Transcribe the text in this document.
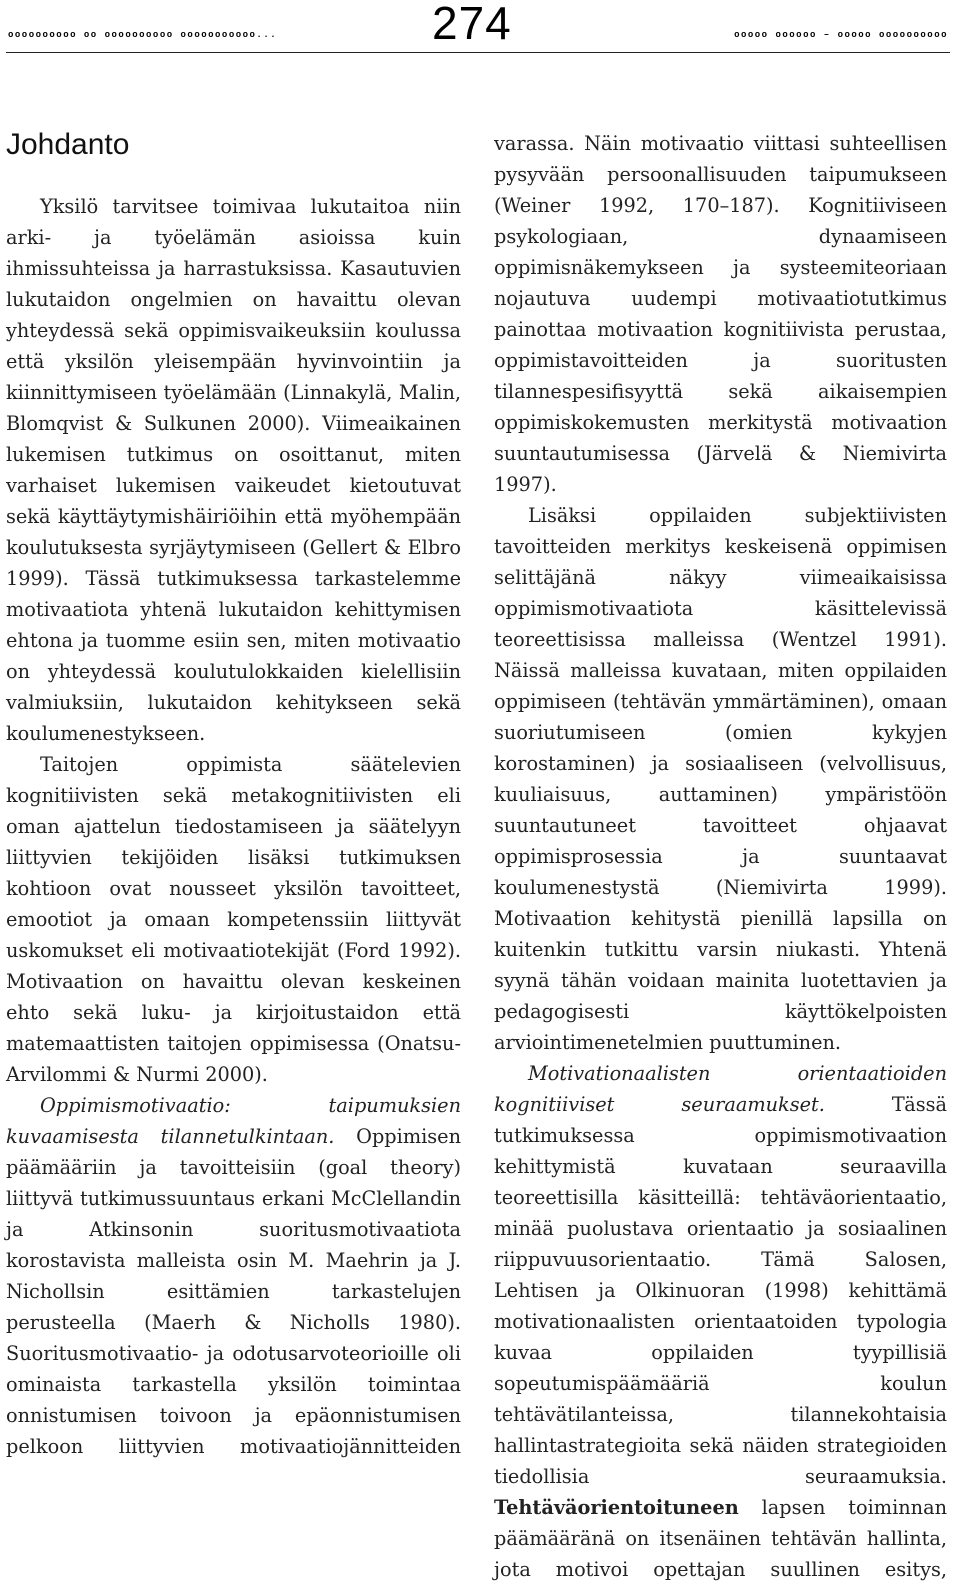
oooooooooo oo oooooooooo ooooooooooo...	274	ooooo oooooo – ooooo oooooooooo
Johdanto

Yksilö tarvitsee toimivaa lukutaitoa niin arki- ja työelämän asioissa kuin ihmissuhteissa ja harrastuksissa. Kasautuvien lukutaidon ongelmien on havaittu olevan yhteydessä sekä oppimisvaikeuksiin koulussa että yksilön yleisempään hyvinvointiin ja kiinnittymiseen työelämään (Linnakylä, Malin, Blomqvist & Sulkunen 2000). Viimeaikainen lukemisen tutkimus on osoittanut, miten varhaiset lukemisen vaikeudet kietoutuvat sekä käyttäytymishäiriöihin että myöhempään koulutuksesta syrjäytymiseen (Gellert & Elbro 1999). Tässä tutkimuksessa tarkastelemme motivaatiota yhtenä lukutaidon kehittymisen ehtona ja tuomme esiin sen, miten motivaatio on yhteydessä koulutulokkaiden kielellisiin valmiuksiin, lukutaidon kehitykseen sekä koulumenestykseen.

Taitojen oppimista säätelevien kognitiivisten sekä metakognitiivisten eli oman ajattelun tiedostamiseen ja säätelyyn liittyvien tekijöiden lisäksi tutkimuksen kohtioon ovat nousseet yksilön tavoitteet, emootiot ja omaan kompetenssiin liittyvät uskomukset eli motivaatiotekijät (Ford 1992). Motivaation on havaittu olevan keskeinen ehto sekä luku- ja kirjoitustaidon että matemaattisten taitojen oppimisessa (Onatsu-Arvilommi & Nurmi 2000).

Oppimismotivaatio: taipumuksien kuvaamisesta tilannetulkintaan. Oppimisen päämääriin ja tavoitteisiin (goal theory) liittyvä tutkimussuuntaus erkani McClellandin ja Atkinsonin suoritusmotivaatiota korostavista malleista osin M. Maehrin ja J. Nichollsin esittämien tarkastelujen perusteella (Maerh & Nicholls 1980). Suoritusmotivaatio- ja odotusarvoteorioille oli ominaista tarkastella yksilön toimintaa onnistumisen toivoon ja epäonnistumisen pelkoon liittyvien motivaatiojännitteiden

varassa. Näin motivaatio viittasi suhteellisen pysyvään persoonallisuuden taipumukseen (Weiner 1992, 170–187). Kognitiiviseen psykologiaan, dynaamiseen oppimisnäkemykseen ja systeemiteoriaan nojautuva uudempi motivaatiotutkimus painottaa motivaation kognitiivista perustaa, oppimistavoitteiden ja suoritusten tilannespesifisyyttä sekä aikaisempien oppimiskokemusten merkitystä motivaation suuntautumisessa (Järvelä & Niemivirta 1997).

Lisäksi oppilaiden subjektiivisten tavoitteiden merkitys keskeisenä oppimisen selittäjänä näkyy viimeaikaisissa oppimismotivaatiota käsittelevissä teoreettisissa malleissa (Wentzel 1991). Näissä malleissa kuvataan, miten oppilaiden oppimiseen (tehtävän ymmärtäminen), omaan suoriutumiseen (omien kykyjen korostaminen) ja sosiaaliseen (velvollisuus, kuuliaisuus, auttaminen) ympäristöön suuntautuneet tavoitteet ohjaavat oppimisprosessia ja suuntaavat koulumenestystä (Niemivirta 1999). Motivaation kehitystä pienillä lapsilla on kuitenkin tutkittu varsin niukasti. Yhtenä syynä tähän voidaan mainita luotettavien ja pedagogisesti käyttökelpoisten arviointimenetelmien puuttuminen.

Motivationaalisten orientaatioiden kognitiiviset seuraamukset. Tässä tutkimuksessa oppimismotivaation kehittymistä kuvataan seuraavilla teoreettisilla käsitteillä: tehtäväorientaatio, minää puolustava orientaatio ja sosiaalinen riippuvuusorientaatio. Tämä Salosen, Lehtisen ja Olkinuoran (1998) kehittämä motivationaalisten orientaatoiden typologia kuvaa oppilaiden tyypillisiä sopeutumispäämääriä koulun tehtävätilanteissa, tilannekohtaisia hallintastrategioita sekä näiden strategioiden tiedollisia seuraamuksia. Tehtäväorientoituneen lapsen toiminnan päämääränä on itsenäinen tehtävän hallinta, jota motivoi opettajan suullinen esitys,
